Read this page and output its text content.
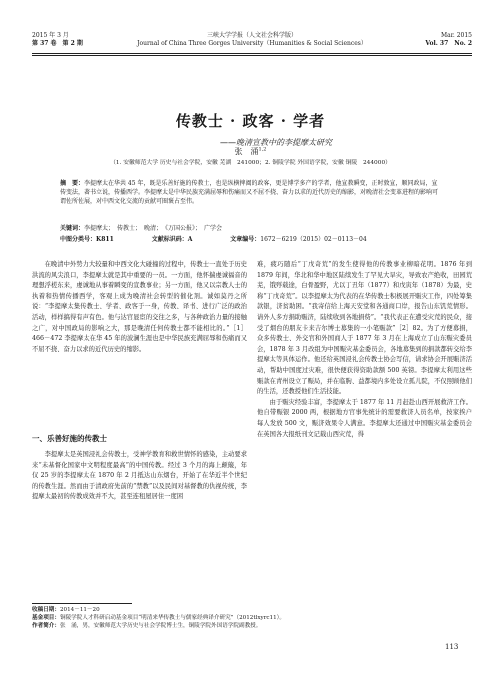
2015 年 3 月
第 37 卷　第 2 期
三峡大学学报（人文社会科学版）
Journal of China Three Gorges University（Humanities & Social Sciences）
Mar. 2015
Vol. 37　No. 2
传教士 · 政客 · 学者
——晚清宣教中的李提摩太研究
张　涌$^{1,2}$
（1. 安徽师范大学 历史与社会学院，安徽 芜湖　241000；2. 铜陵学院 外国语学院，安徽 铜陵　244000）
摘　要：李提摩太在华共 45 年，既是乐善好施的传教士，也是纵横捭阖的政客，更是博学多产的学者，他宣教瞬变，正时敦宣，顺同政局，宣传变法，著书立说，传播西学。李提摩太是中华民族充满屈辱和伤痛而又不屈不挠、奋力以求的近代历史的缩影，对晚清社会变革进程的影响可谓佐所佐展，对中西文化交流的贡献可圈褒占至伟。
关键词：李提摩太；　传教士；　晚清；　《万国公报》；　广学会
中图分类号：K811	文献标识码：A	文章编号：1672－6219（2015）02－0113－04

在晚清中外势力大较量和中西文化大碰撞的过程中，传教士一直处于历史洪流的风尖浪口，李提摩太就是其中重要的一员。一方面，他怀揣虔诚福音的理想浮槎东来，虔诚地从事着瞬变的宣教事业；另一方面，他又以宗教人士的执着和热情传播西学，客观上成为晚清社会转型的催化剂。诚如莫丹之所说：“李提摩太集传教士、学者、政客于一身，传教、译书、进行广泛的政治活动，样样搞得有声有色。他与达官显宦的交往之多，与各种政治力量的接触之广，对中国政局的影响之大，那是晚清任何传教士都不能相比的。”［1］466－472 李提摩太在华 45 年的波澜生涯也是中华民族充满屈辱和伤痛而又不屈不挠、奋力以求的近代历史的缩影。

一、乐善好施的传教士

李提摩太是英国浸礼会传教士，受神学教育和救世情怀的感染，主动要求来“未基督化国家中文明程度最高”的中国传教。经过 3 个月的海上颠簸，年仅 25 岁的李提摩太在 1870 年 2 月抵达山东烟台，开始了在华近半个世纪的传教生涯。然而由于清政府先前的“禁教”以及民间对基督教的仇视传统，李提摩太最初的传教成效并不大，甚至连租屋居住一度困

难，疲巧随后“丁戊奇荒”的发生使得他的传教事业柳暗花明。1876 年到 1879 年间，华北和华中地区陆续发生了罕见大旱灾，导致农产绝收，田园荒芜，饿殍载途，白骨盈野，尤以丁丑年（1877）和戊寅年（1878）为最，史称“丁戊奇荒”。以李提摩太为代表的在华传教士积极展开赈灾工作，四处筹集款银，济贫助困。“我寄信给上海天安堂和各通商口岸，报告山东饥荒情形。请外人多方捐助赈济，陆续收到各地捐赀”。“我代表正在遭受灾荒的民众，接受了烟台的朋友卡来吉尔博士募集的一小笔赈款”［2］82。为了方便募捐，众多传教士、外交官和外国商人于 1877 年 3 月在上海成立了山东赈灾委员会，1878 年 3 月改组为中国赈灾基金委员会，各地募集到的捐款都转交给李提摩太等具体运作。他还给英国浸礼会传教士协会写信，请求协会开展赈济活动，帮助中国度过灾难，很快便获得资助款额 500 英镑。李提摩太利用这些赈款在青州设立了赈局，并在临朐、益都境内多处设立孤儿院，不仅照顾他们的生活，还教授他们生活技能。

由于赈灾经验丰富，李提摩太于 1877 年 11 月赶赴山西开展救济工作。他自带赈银 2000 两，根据地方官事先统计的需要救济人员名单，按家挨户每人发放 500 文，赈济效果令人满意。李提摩太还通过中国赈灾基金委员会在英国各大报纸刊文记载山西灾荒，得

收稿日期：2014－11－20
基金项目：铜陵学院人才科研启动基金项目“明清来华传教士与儒家经典译介研究”（2012tlxyrc11）。
作者简介：张　涌，男，安徽师范大学历史与社会学院博士生，铜陵学院外国语学院副教授。
113
